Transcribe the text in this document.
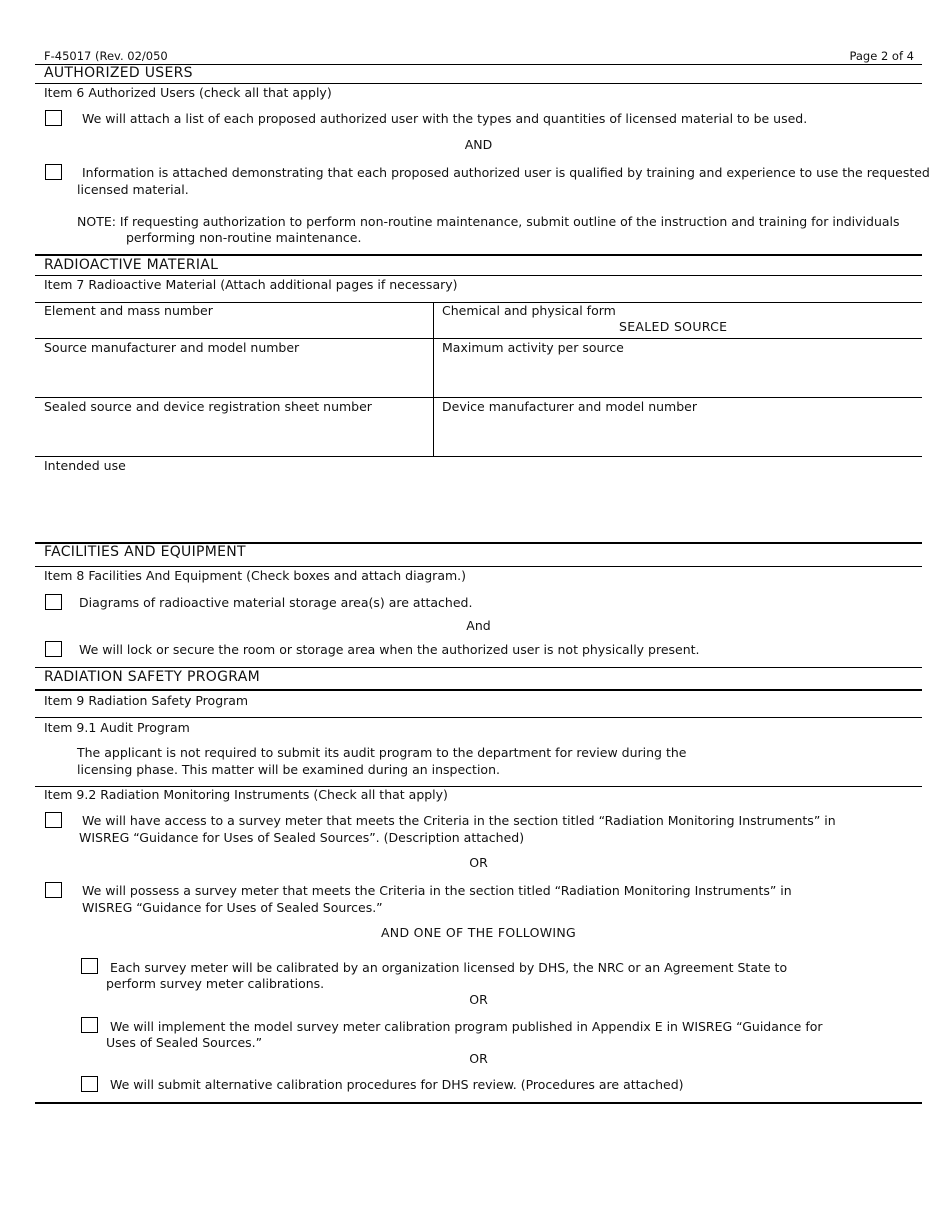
F-45017 (Rev. 02/050	Page 2 of 4
AUTHORIZED USERS
Item 6 Authorized Users (check all that apply)
We will attach a list of each proposed authorized user with the types and quantities of licensed material to be used.
AND
Information is attached demonstrating that each proposed authorized user is qualified by training and experience to use the requested
licensed material.
NOTE: If requesting authorization to perform non-routine maintenance, submit outline of the instruction and training for individuals
performing non-routine maintenance.
RADIOACTIVE MATERIAL
Item 7 Radioactive Material (Attach additional pages if necessary)
Element and mass number	Chemical and physical form
SEALED SOURCE
Source manufacturer and model number	Maximum activity per source
Sealed source and device registration sheet number	Device manufacturer and model number
Intended use
FACILITIES AND EQUIPMENT
Item 8 Facilities And Equipment (Check boxes and attach diagram.)
Diagrams of radioactive material storage area(s) are attached.
And
We will lock or secure the room or storage area when the authorized user is not physically present.
RADIATION SAFETY PROGRAM
Item 9 Radiation Safety Program
Item 9.1 Audit Program
The applicant is not required to submit its audit program to the department for review during the
licensing phase. This matter will be examined during an inspection.
Item 9.2 Radiation Monitoring Instruments (Check all that apply)
We will have access to a survey meter that meets the Criteria in the section titled “Radiation Monitoring Instruments” in
WISREG “Guidance for Uses of Sealed Sources”. (Description attached)
OR
We will possess a survey meter that meets the Criteria in the section titled “Radiation Monitoring Instruments” in
WISREG “Guidance for Uses of Sealed Sources.”
AND ONE OF THE FOLLOWING
Each survey meter will be calibrated by an organization licensed by DHS, the NRC or an Agreement State to
perform survey meter calibrations.
OR
We will implement the model survey meter calibration program published in Appendix E in WISREG “Guidance for
Uses of Sealed Sources.”
OR
We will submit alternative calibration procedures for DHS review. (Procedures are attached)
